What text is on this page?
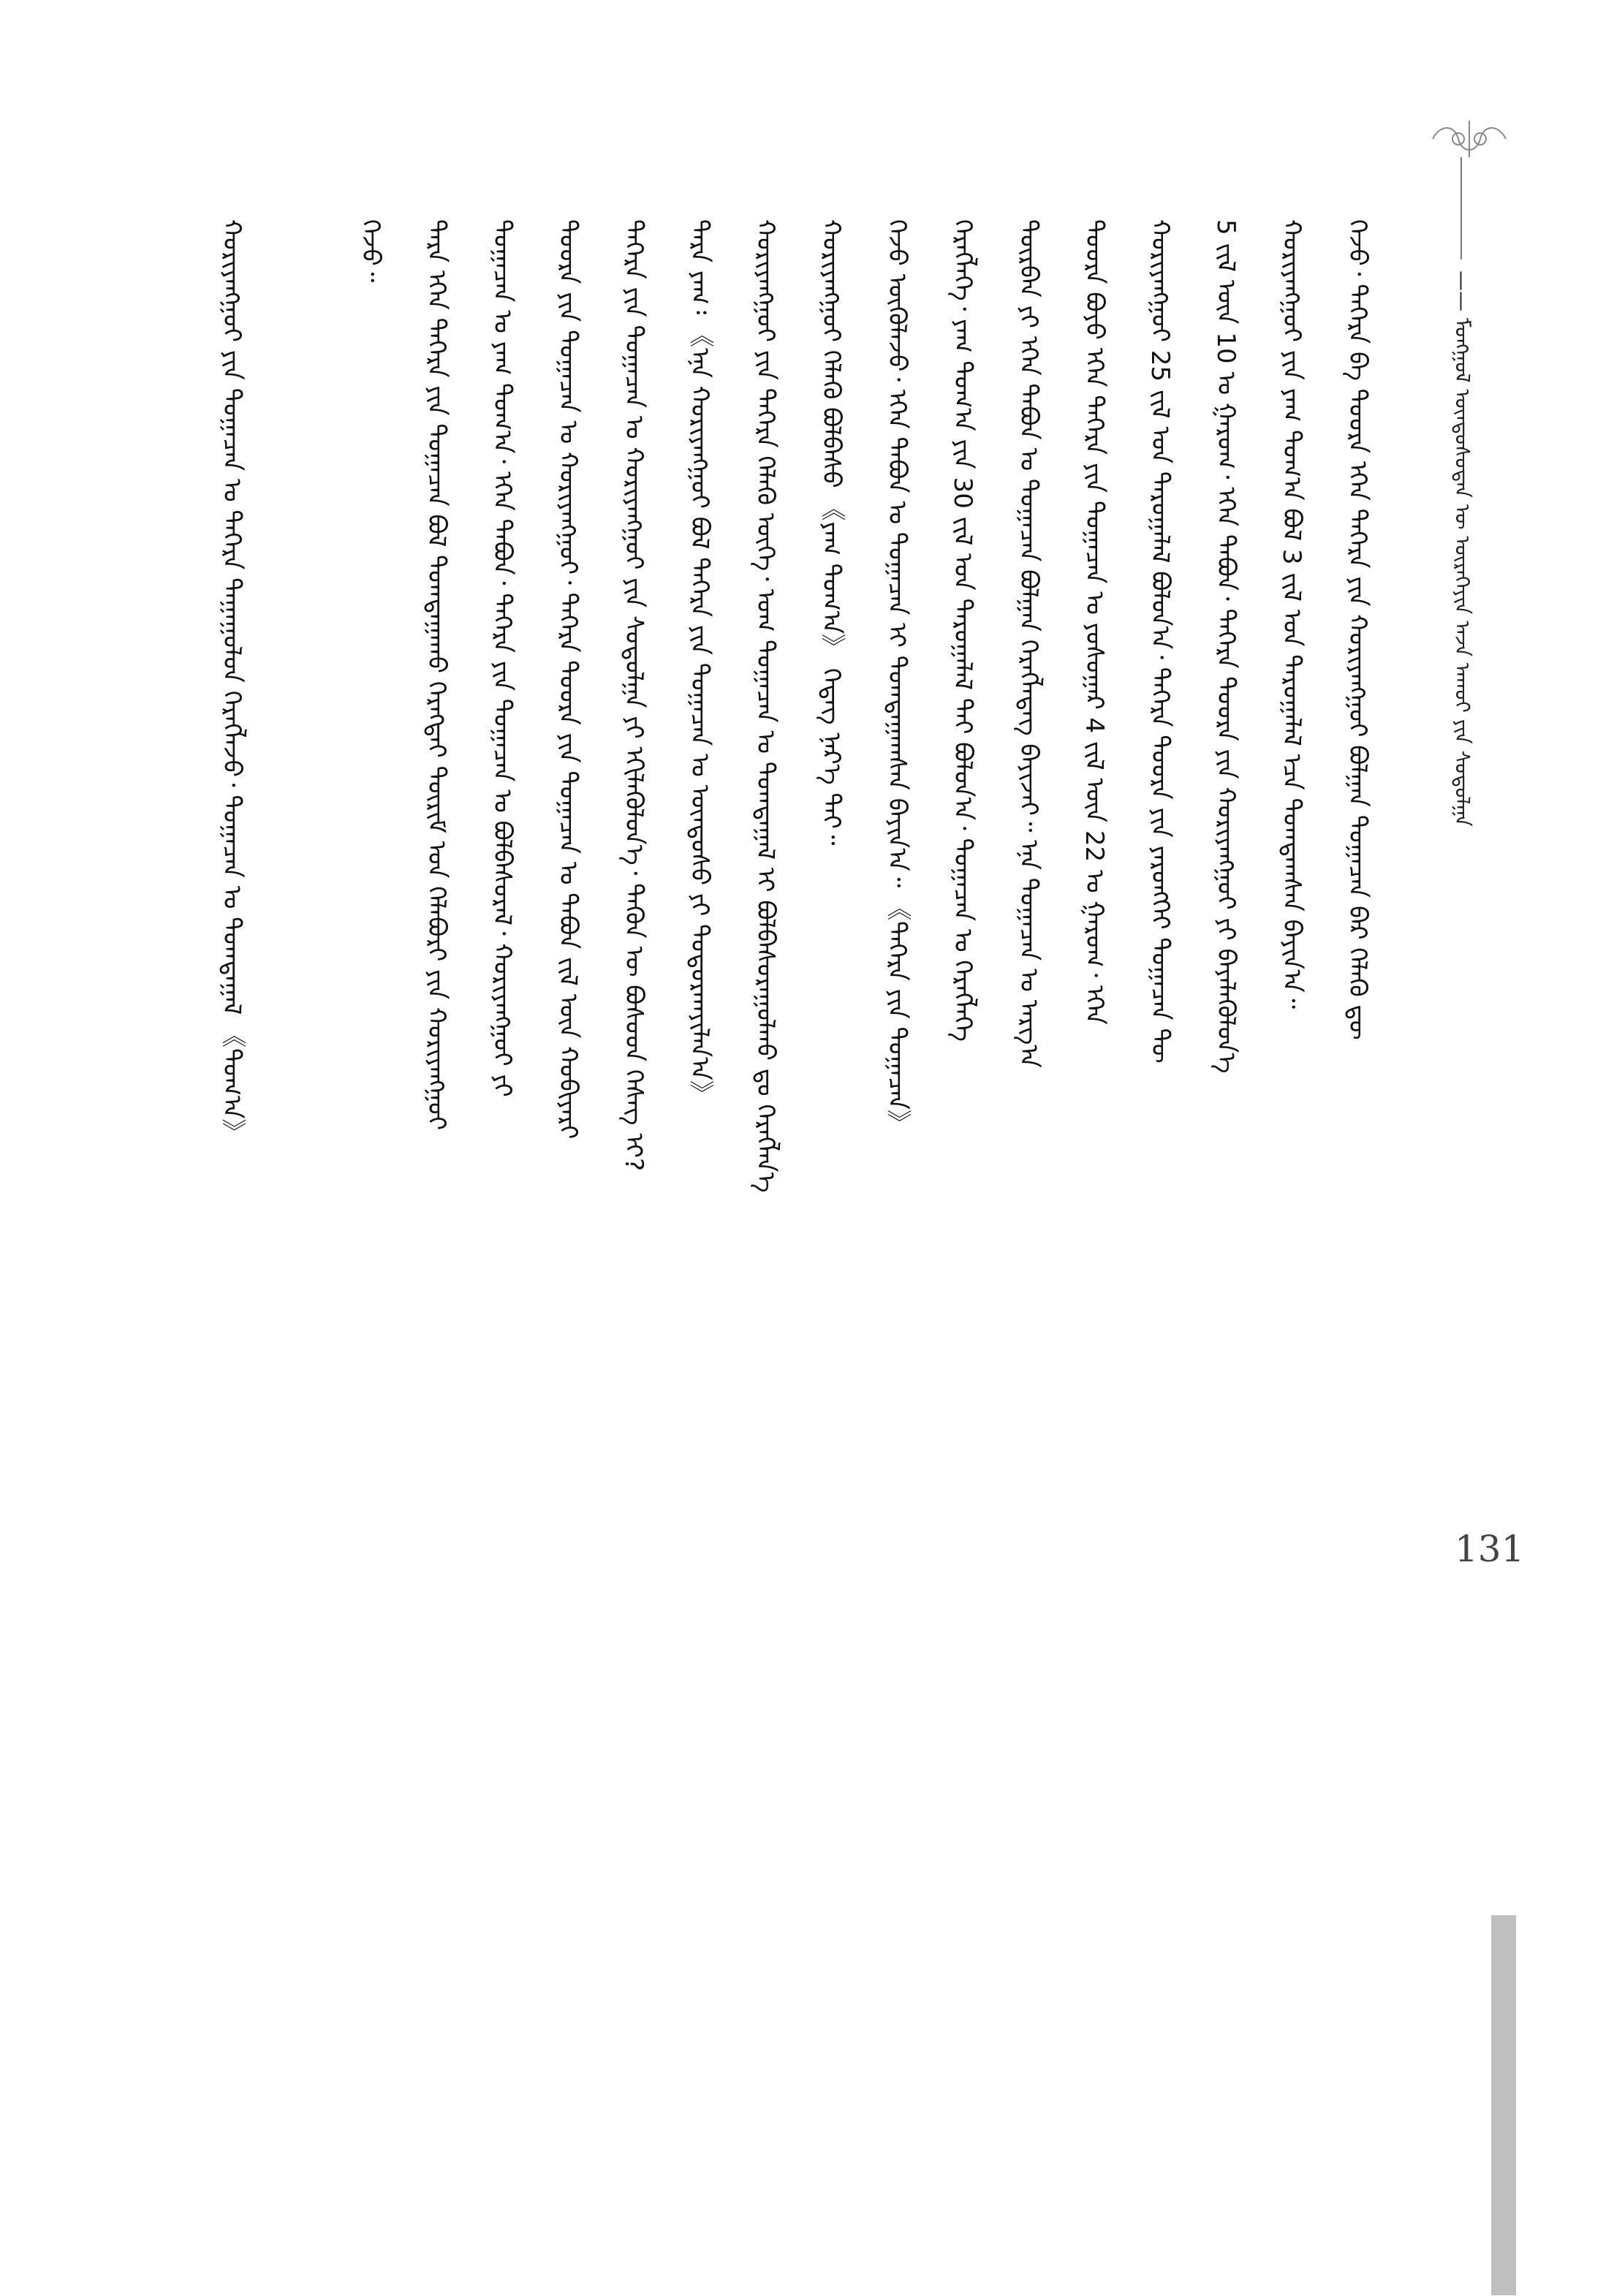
—— ᠮᠣᠩᠭᠣᠯ ᠦᠨᠳᠦᠰᠦᠲᠡᠨ ᠦ ᠦᠷᠡᠬᠡᠶᠢᠨ ᠠᠵᠠ ᠠᠬᠤᠢ ᠶᠢᠨ ᠰᠤᠳᠤᠯᠭᠠ
ᠭᠡᠵᠦ᠂ ᠳᠡᠭᠡᠷᠡ ᠪᠠ ᠳᠣᠣᠷᠠ ᠡᠬᠡᠨ ᠳᠡᠭᠡᠷᠡ ᠶᠢᠨ ᠬᠤᠷᠢᠶᠠᠩᠭᠤᠢ ᠪᠣᠯᠭᠠᠨ ᠲᠣᠭᠠᠴᠠᠨ ᠪᠠᠷ ᠬᠡᠯᠡᠬᠦ ᠳᠦ
ᠬᠤᠷᠢᠶᠠᠩᠭᠤᠢ ᠶᠢᠨ ᠶᠠᠭ ᠲᠣᠭ᠎ᠠ ᠪᠣᠯ 3 ᠵᠢᠯ ᠤᠨ ᠳᠠᠷᠤᠭᠠᠯᠠᠯ ᠡᠴᠡ ᠲᠣᠭᠲᠠᠭᠰᠠᠨ ᠪᠠᠶᠢᠨ᠎ᠠ᠃
5 ᠵᠢᠯ ᠦᠨ 10 ᠤ ᠭᠠᠷᠤᠭ᠂ ᠡᠬᠡᠨ ᠲᠠᠪᠤᠨ᠂ ᠳᠡᠭᠡᠷᠡ ᠳᠣᠣᠷᠠ ᠶᠢᠨ ᠬᠤᠷᠢᠶᠠᠩᠭᠤᠢ ᠶᠢ ᠪᠡᠶᠡᠯᠡᠭᠦᠯᠦᠨ᠎ᠡ
ᠬᠤᠷᠢᠶᠠᠩᠭᠤᠢ 25 ᠵᠢᠯ ᠤᠨ ᠳᠠᠷᠤᠭᠠᠯᠠᠯ ᠪᠣᠯᠤᠨ᠎ᠠ᠂ ᠳᠡᠭᠡᠷᠡ ᠳᠣᠣᠷᠠ ᠶᠢᠨ ᠶᠡᠷᠦᠩᠬᠡᠢ ᠲᠣᠭᠠᠴᠠᠨ ᠲᠦ
ᠳᠣᠣᠷᠠ ᠪᠤᠶᠤ ᠡᠬᠡᠨ ᠳᠡᠭᠡᠷᠡ ᠶᠢᠨ ᠲᠣᠭᠠᠴᠠᠨ ᠤ ᠶᠣᠰᠤᠭᠠᠷ 4 ᠵᠢᠯ ᠦᠨ 22 ᠤ ᠭᠠᠷᠤᠭ᠂ ᠡᠬᠡᠨ
ᠳᠦᠷᠪᠡᠨ ᠶᠢ ᠡᠬᠡᠨ ᠲᠠᠪᠤᠨ ᠤ ᠲᠣᠭᠠᠴᠠᠨ ᠪᠣᠯᠭᠠᠨ ᠬᠡᠷᠡᠭᠯᠡᠳᠡᠭ ᠪᠠᠶᠢᠵᠠᠢ᠃ ᠡᠨᠡ ᠲᠣᠭᠠᠴᠠᠨ ᠤ ᠠᠷᠭ᠎ᠠ
ᠬᠡᠷᠡᠭᠯᠡᠭᠡ᠂ ᠶᠠᠭ ᠲᠣᠭ᠎ᠠ ᠶᠢᠨ 30 ᠵᠢᠯ ᠤᠨ ᠳᠠᠷᠤᠭᠠᠯᠠᠯ ᠲᠠᠢ ᠪᠣᠯᠤᠨ᠎ᠠ᠂ ᠲᠣᠭᠠᠴᠠᠨ ᠤ ᠬᠡᠷᠡᠭᠯᠡᠭᠡ
ᠭᠡᠵᠦ ᠦᠭᠦᠯᠡᠵᠦ᠂ ᠡᠬᠡᠨ ᠲᠠᠪᠤᠨ ᠤ ᠲᠣᠭᠠᠴᠠᠨ ᠢ ᠲᠣᠭᠲᠠᠭᠠᠭᠰᠠᠨ ᠪᠠᠶᠢᠨ᠎ᠠ᠃ 《ᠳᠡᠭᠡᠷᠡ ᠶᠢᠨ ᠲᠣᠭᠠᠴᠠᠨ》
ᠬᠤᠷᠢᠶᠠᠩᠭᠤᠢ ᠬᠡᠯᠡᠬᠦ ᠪᠣᠯᠪᠠᠰᠤ 《ᠶᠠᠭ ᠲᠣᠭ᠎ᠠ》 ᠭᠡᠳᠡᠭ ᠨᠡᠷ᠎ᠡ ᠲᠠᠢ᠃
ᠬᠤᠷᠢᠶᠠᠩᠭᠤᠢ ᠶᠢᠨ ᠳᠡᠭᠡᠷᠡ ᠬᠡᠯᠡᠬᠦ ᠦᠭᠡ᠂ ᠤᠭ ᠲᠣᠭᠠᠴᠠᠨ ᠤ ᠲᠣᠭᠲᠠᠭᠠᠯ ᠢ ᠪᠣᠯᠪᠠᠰᠤᠷᠠᠭᠤᠯᠬᠤ ᠳᠤ ᠬᠡᠷᠡᠭᠯᠡᠨ᠎ᠡ
ᠲᠡᠷᠡ ᠶᠠᠭ᠄ 《ᠡᠨᠡ ᠬᠤᠷᠢᠶᠠᠩᠭᠤᠢ ᠪᠣᠯ ᠳᠡᠭᠡᠷᠡ ᠶᠢᠨ ᠲᠣᠭᠠᠴᠠᠨ ᠤ ᠦᠨᠳᠦᠰᠦ ᠶᠢ ᠲᠣᠳᠤᠷᠬᠠᠶᠢᠯᠠᠨ᠎ᠠ》
ᠳᠡᠭᠡᠷᠡ ᠶᠢᠨ ᠲᠣᠭᠠᠴᠠᠨ ᠤ ᠬᠤᠷᠢᠶᠠᠩᠭᠤᠢ ᠶᠢᠨ ᠰᠤᠳᠤᠯᠭᠠ ᠶᠢ ᠡᠬᠢᠯᠡᠭᠦᠯᠦᠨ᠎ᠡ᠂ ᠲᠡᠭᠦᠨ ᠦ ᠪᠤᠰᠤᠳ ᠬᠡᠰᠡᠭ ᠢ?
ᠳᠣᠣᠷᠠ ᠶᠢᠨ ᠲᠣᠭᠠᠴᠠᠨ ᠤ ᠬᠤᠷᠢᠶᠠᠩᠭᠤᠢ᠂ ᠳᠡᠭᠡᠷᠡ ᠳᠣᠣᠷᠠ ᠶᠢᠨ ᠲᠣᠭᠠᠴᠠᠨ ᠤ ᠲᠠᠪᠤᠨ ᠵᠢᠯ ᠦᠨ ᠬᠤᠪᠢᠶᠠᠷᠢ
ᠲᠣᠭᠠᠴᠠᠨ ᠤ ᠶᠠᠭ ᠲᠣᠭ᠎ᠠ᠂ ᠡᠬᠡᠨ ᠲᠠᠪᠤᠨ᠂ ᠳᠡᠭᠡᠷᠡ ᠶᠢᠨ ᠲᠣᠭᠠᠴᠠᠨ ᠤ ᠪᠣᠯᠪᠠᠰᠤᠷᠠᠯ᠂ ᠬᠤᠷᠢᠶᠠᠩᠭᠤᠢ ᠶᠢ
ᠲᠡᠷᠡ ᠡᠬᠡᠨ ᠳᠡᠭᠡᠷᠡ ᠶᠢᠨ ᠲᠣᠭᠠᠴᠠᠨ ᠪᠣᠯ ᠲᠣᠭᠲᠠᠭᠠᠬᠤ ᠬᠡᠷᠡᠭᠲᠡᠢ ᠳᠦᠷᠢᠮ ᠤᠨ ᠬᠡᠯᠡᠪᠦᠷᠢ ᠶᠢᠨ ᠬᠤᠷᠢᠶᠠᠩᠭᠤᠢ
ᠭᠡᠵᠦ᠃
ᠬᠤᠷᠢᠶᠠᠩᠭᠤᠢ ᠶᠢᠨ ᠲᠣᠭᠠᠴᠠᠨ ᠤ ᠳᠡᠭᠡᠷᠡ ᠳᠠᠭᠠᠭᠤᠯᠤᠨ ᠬᠡᠷᠡᠭᠯᠡᠵᠦ᠂ ᠲᠣᠭᠠᠴᠠᠨ ᠤ ᠲᠣᠭᠲᠠᠭᠠᠯ 《ᠲᠣᠭ᠎ᠠ》
131
